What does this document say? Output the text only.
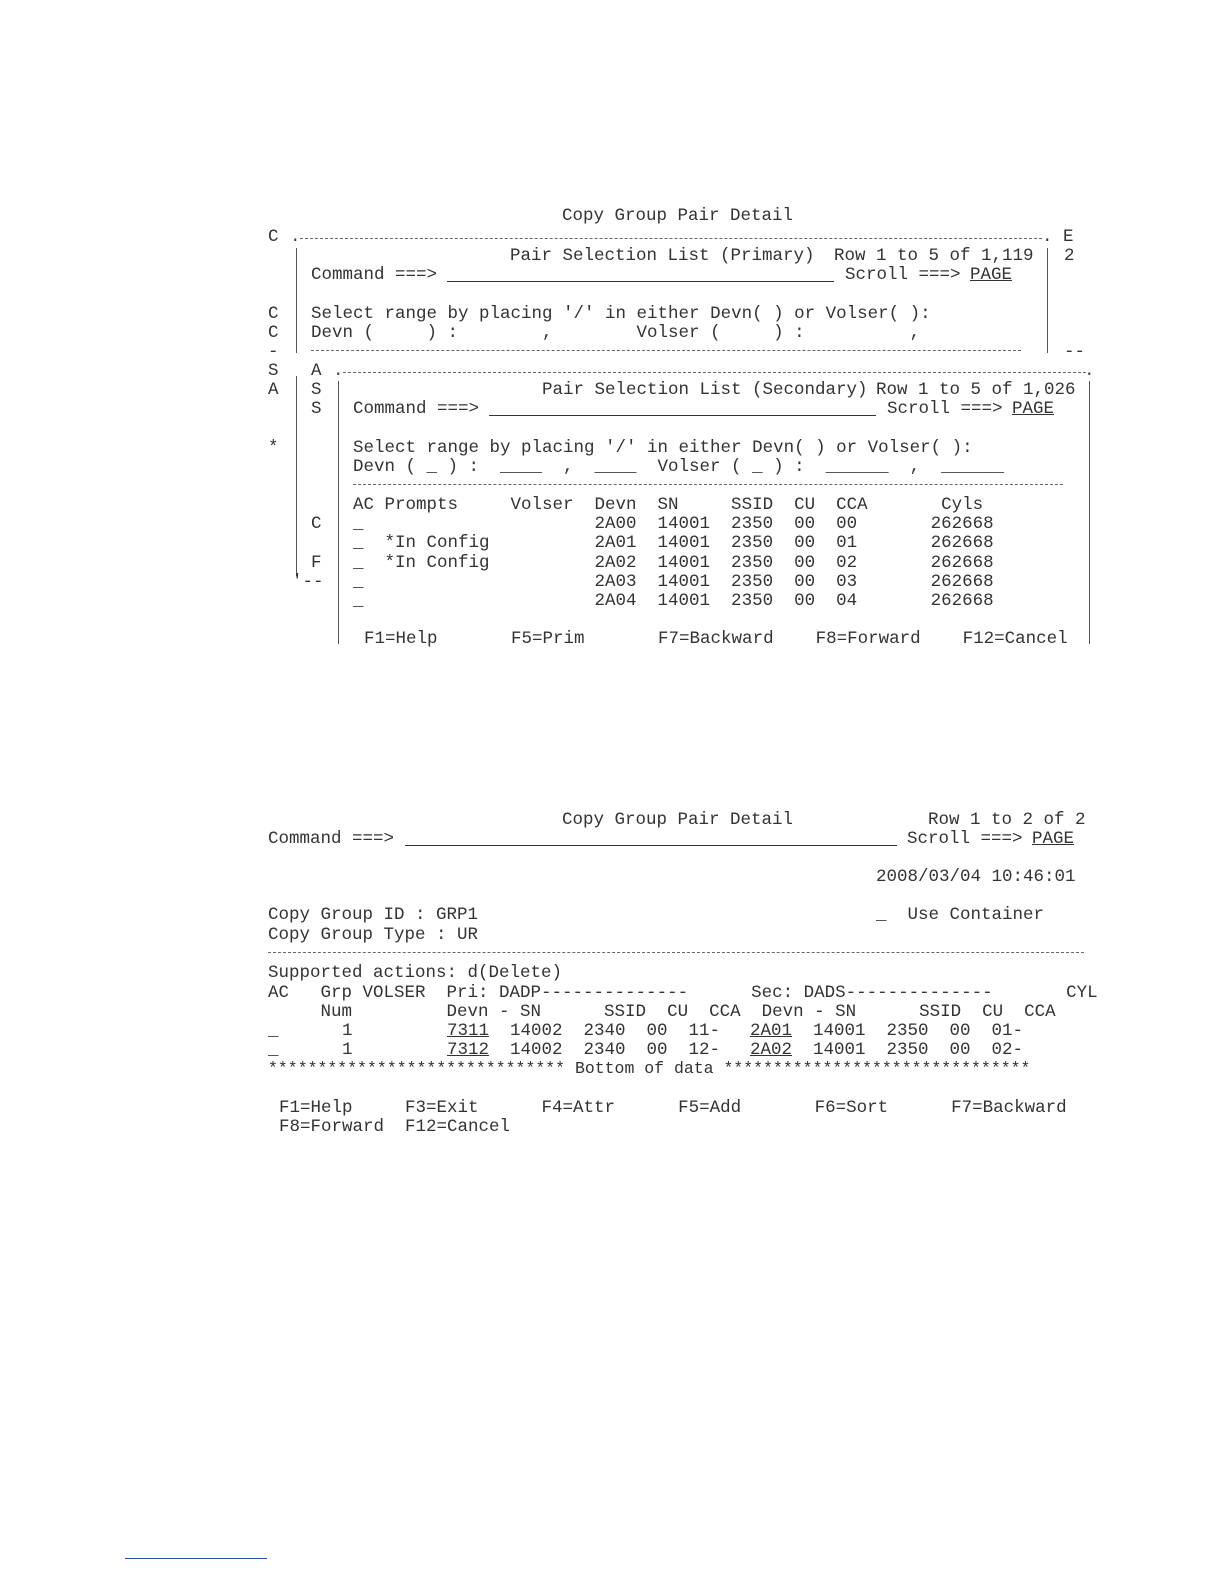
Copy Group Pair Detail
C
C
C
-
S
A
*
.	. E
2
--
Pair Selection List (Primary) Row 1 to 5 of 1,119
Command ===>	Scroll ===> PAGE
Select range by placing '/' in either Devn( ) or Volser( ):
Devn (     ) :        ,        Volser (     ) :          ,
A
S
S
C
F
'--
.	.
Pair Selection List (Secondary) Row 1 to 5 of 1,026
Command ===>	Scroll ===> PAGE
Select range by placing '/' in either Devn( ) or Volser( ):
Devn ( _ ) :  ____  ,  ____  Volser ( _ ) :  ______  ,  ______
AC Prompts     Volser  Devn  SN     SSID  CU  CCA       Cyls
_                      2A00  14001  2350  00  00       262668
_  *In Config          2A01  14001  2350  00  01       262668
_  *In Config          2A02  14001  2350  00  02       262668
_                      2A03  14001  2350  00  03       262668
_                      2A04  14001  2350  00  04       262668
F1=Help       F5=Prim       F7=Backward    F8=Forward    F12=Cancel
Copy Group Pair Detail	Row 1 to 2 of 2
Command ===>	Scroll ===> PAGE
2008/03/04 10:46:01
Copy Group ID : GRP1	_  Use Container
Copy Group Type : UR
Supported actions: d(Delete)
AC   Grp VOLSER  Pri: DADP--------------      Sec: DADS--------------       CYL
Num         Devn - SN      SSID  CU  CCA  Devn - SN      SSID  CU  CCA
_	1	7311 14002  2340  00  11- 2A01 14001  2350  00  01-
_	1	7312 14002  2340  00  12- 2A02 14001  2350  00  02-
****************************** Bottom of data *******************************
F1=Help     F3=Exit      F4=Attr      F5=Add       F6=Sort      F7=Backward
F8=Forward  F12=Cancel
